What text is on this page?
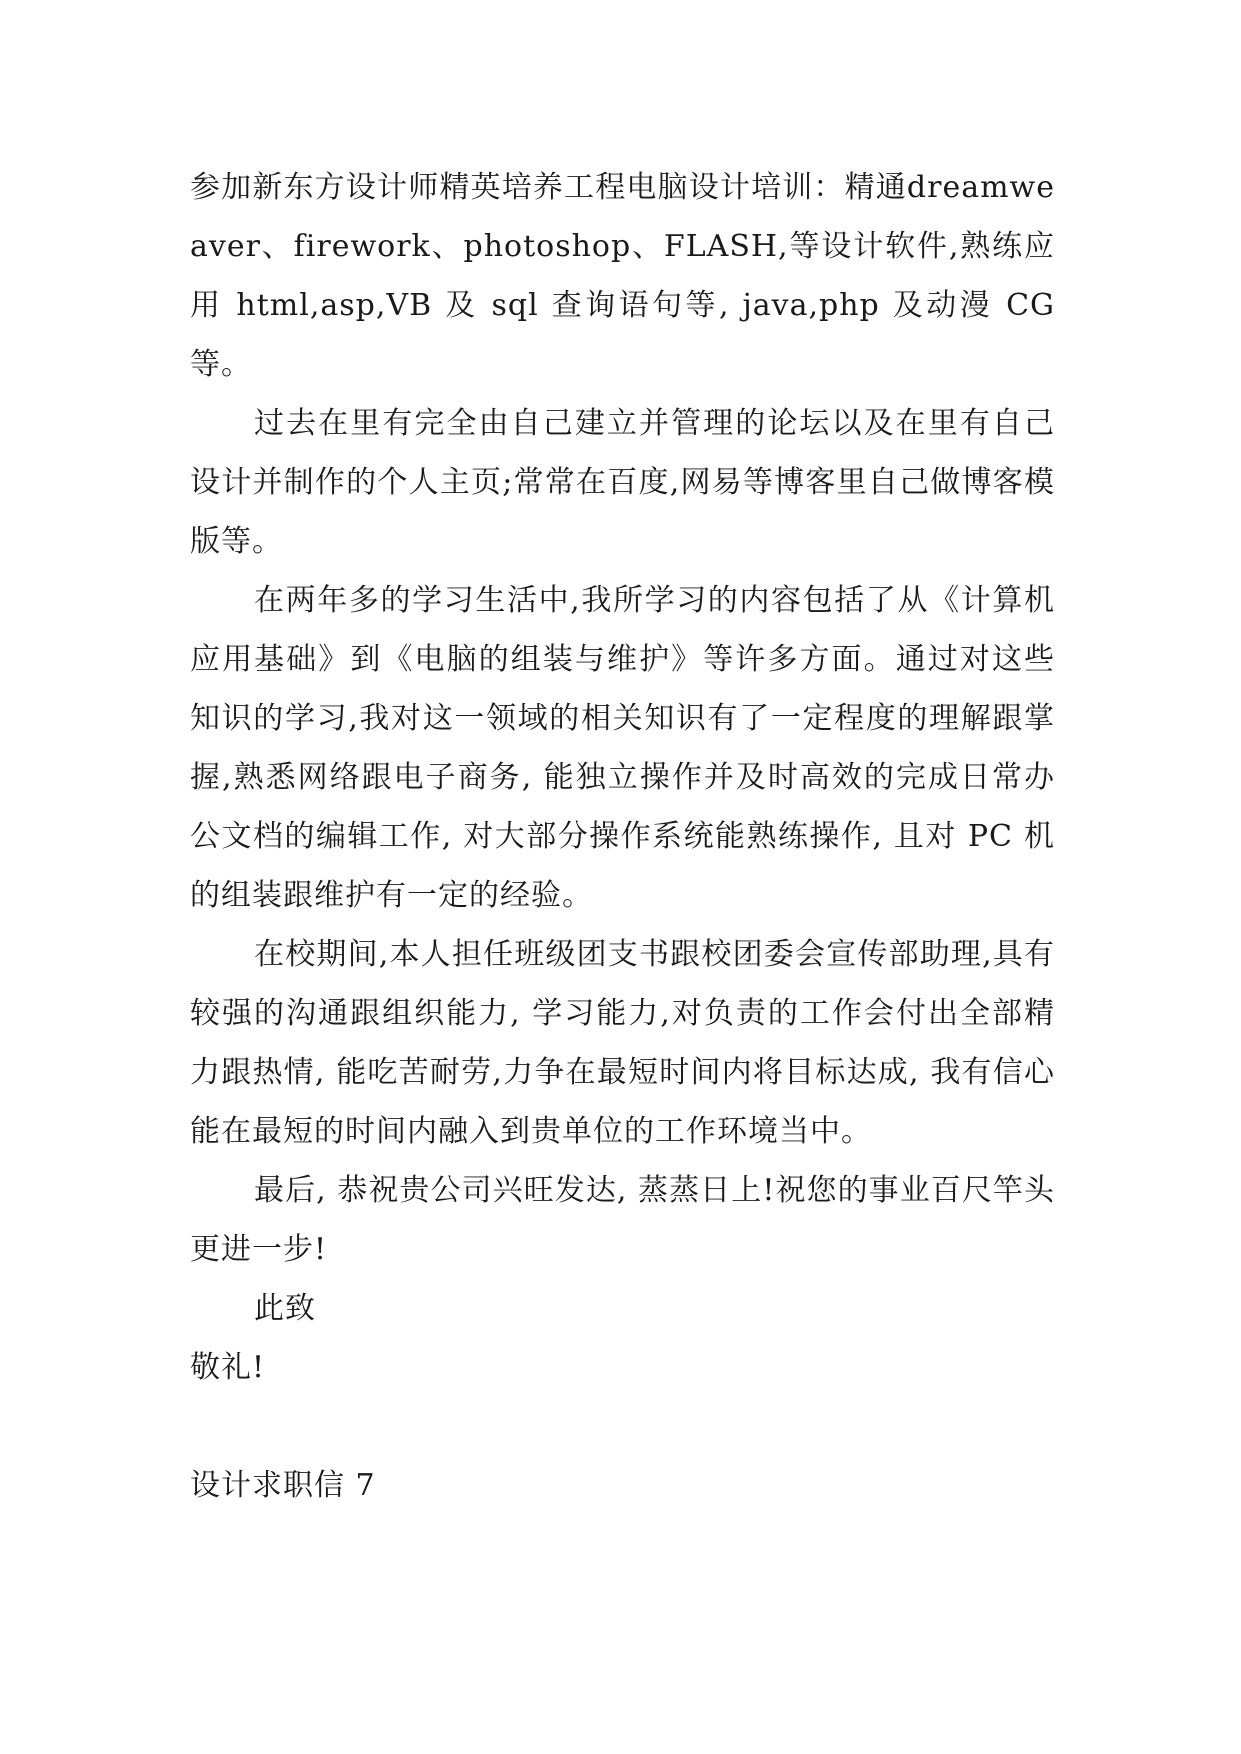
参加新东方设计师精英培养工程电脑设计培训：精通dreamweaver、firework、photoshop、FLASH,等设计软件,熟练应用 html,asp,VB 及 sql 查询语句等, java,php 及动漫 CG 等。

过去在里有完全由自己建立并管理的论坛以及在里有自己设计并制作的个人主页;常常在百度,网易等博客里自己做博客模版等。

在两年多的学习生活中,我所学习的内容包括了从《计算机应用基础》到《电脑的组装与维护》等许多方面。通过对这些知识的学习,我对这一领域的相关知识有了一定程度的理解跟掌握,熟悉网络跟电子商务, 能独立操作并及时高效的完成日常办公文档的编辑工作, 对大部分操作系统能熟练操作, 且对 PC 机的组装跟维护有一定的经验。

在校期间,本人担任班级团支书跟校团委会宣传部助理,具有较强的沟通跟组织能力, 学习能力,对负责的工作会付出全部精力跟热情, 能吃苦耐劳,力争在最短时间内将目标达成, 我有信心能在最短的时间内融入到贵单位的工作环境当中。

最后, 恭祝贵公司兴旺发达, 蒸蒸日上!祝您的事业百尺竿头更进一步!

此致

敬礼!

设计求职信 7
